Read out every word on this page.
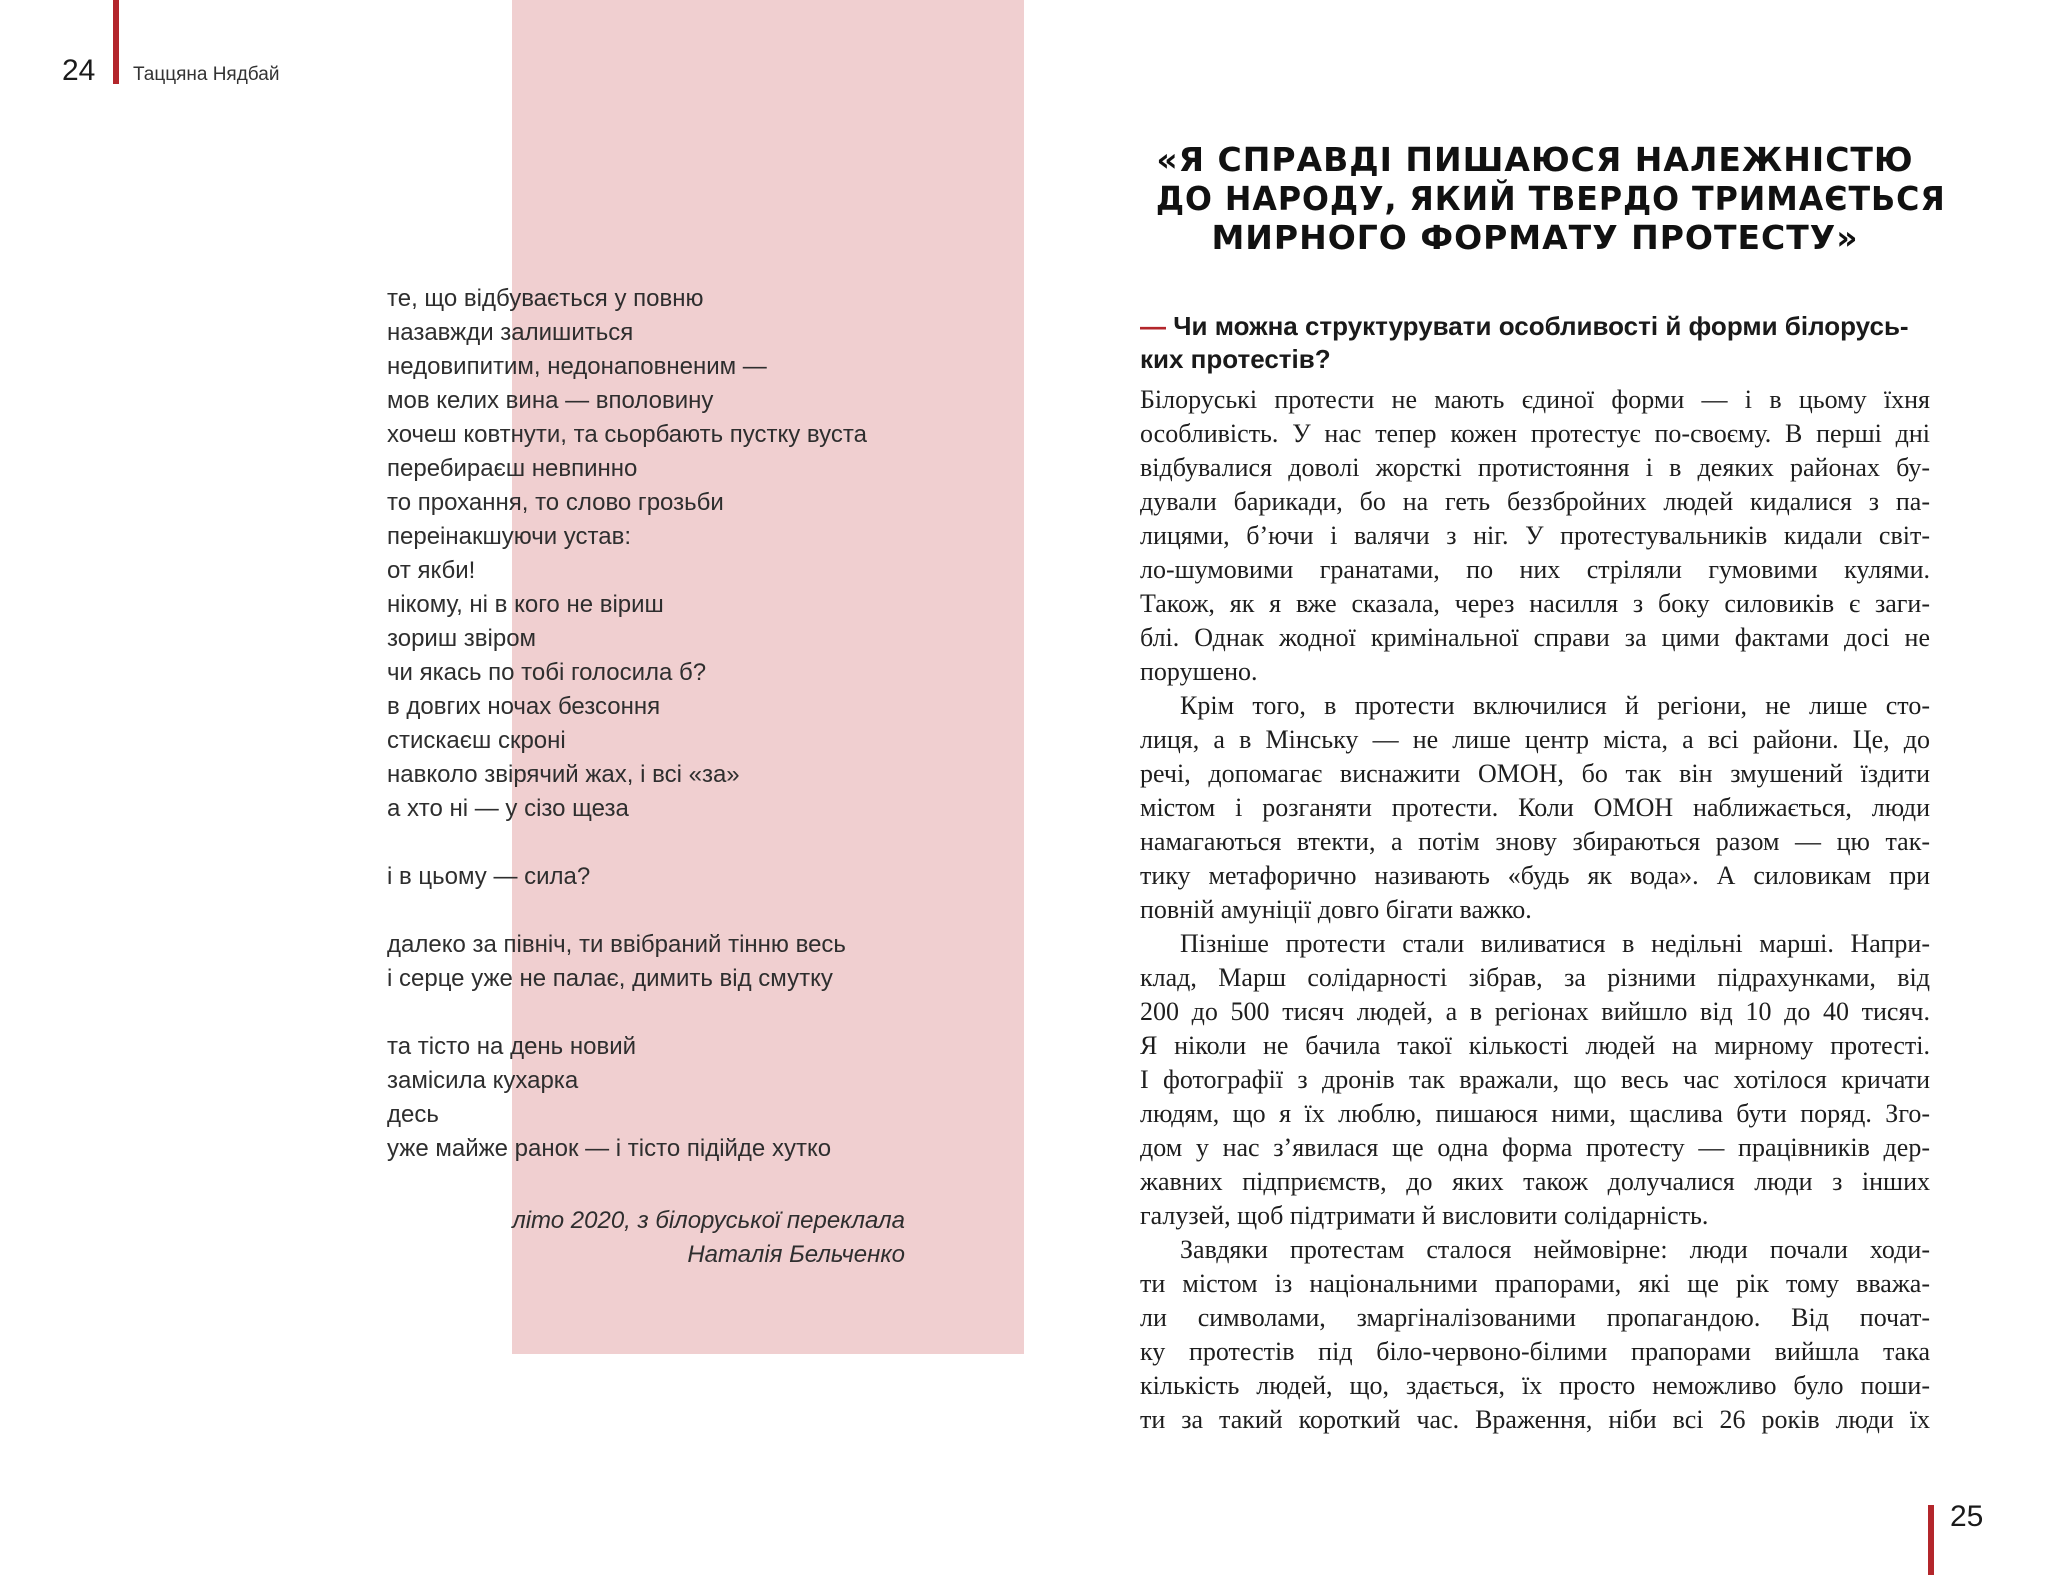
24 Таццяна Нядбай
те, що відбувається у повню
назавжди залишиться
недовипитим, недонаповненим —
мов келих вина — вполовину
хочеш ковтнути, та сьорбають пустку вуста
перебираєш невпинно
то прохання, то слово грозьби
переінакшуючи устав:
от якби!
нікому, ні в кого не віриш
зориш звіром
чи якась по тобі голосила б?
в довгих ночах безсоння
стискаєш скроні
навколо звірячий жах, і всі «за»
а хто ні — у сізо щеза
і в цьому — сила?
далеко за північ, ти ввібраний тінню весь
і серце уже не палає, димить від смутку
та тісто на день новий
замісила кухарка
десь
уже майже ранок — і тісто підійде хутко
літо 2020, з білоруської переклала
Наталія Бельченко
«Я СПРАВДІ ПИШАЮСЯ НАЛЕЖНІСТЮ
ДО НАРОДУ, ЯКИЙ ТВЕРДО ТРИМАЄТЬСЯ
МИРНОГО ФОРМАТУ ПРОТЕСТУ»
— Чи можна структурувати особливості й форми білорусь-
ких протестів?
Білоруські протести не мають єдиної форми — і в цьому їхня
особливість. У нас тепер кожен протестує по-своєму. В перші дні
відбувалися доволі жорсткі протистояння і в деяких районах бу-
дували барикади, бо на геть беззбройних людей кидалися з па-
лицями, б’ючи і валячи з ніг. У протестувальників кидали світ-
ло-шумовими гранатами, по них стріляли гумовими кулями.
Також, як я вже сказала, через насилля з боку силовиків є заги-
блі. Однак жодної кримінальної справи за цими фактами досі не
порушено.
Крім того, в протести включилися й регіони, не лише сто-
лиця, а в Мінську — не лише центр міста, а всі райони. Це, до
речі, допомагає виснажити ОМОН, бо так він змушений їздити
містом і розганяти протести. Коли ОМОН наближається, люди
намагаються втекти, а потім знову збираються разом — цю так-
тику метафорично називають «будь як вода». А силовикам при
повній амуніції довго бігати важко.
Пізніше протести стали виливатися в недільні марші. Напри-
клад, Марш солідарності зібрав, за різними підрахунками, від
200 до 500 тисяч людей, а в регіонах вийшло від 10 до 40 тисяч.
Я ніколи не бачила такої кількості людей на мирному протесті.
І фотографії з дронів так вражали, що весь час хотілося кричати
людям, що я їх люблю, пишаюся ними, щаслива бути поряд. Зго-
дом у нас з’явилася ще одна форма протесту — працівників дер-
жавних підприємств, до яких також долучалися люди з інших
галузей, щоб підтримати й висловити солідарність.
Завдяки протестам сталося неймовірне: люди почали ходи-
ти містом із національними прапорами, які ще рік тому вважа-
ли символами, змаргіналізованими пропагандою. Від почат-
ку протестів під біло-червоно-білими прапорами вийшла така
кількість людей, що, здається, їх просто неможливо було поши-
ти за такий короткий час. Враження, ніби всі 26 років люди їх
25
